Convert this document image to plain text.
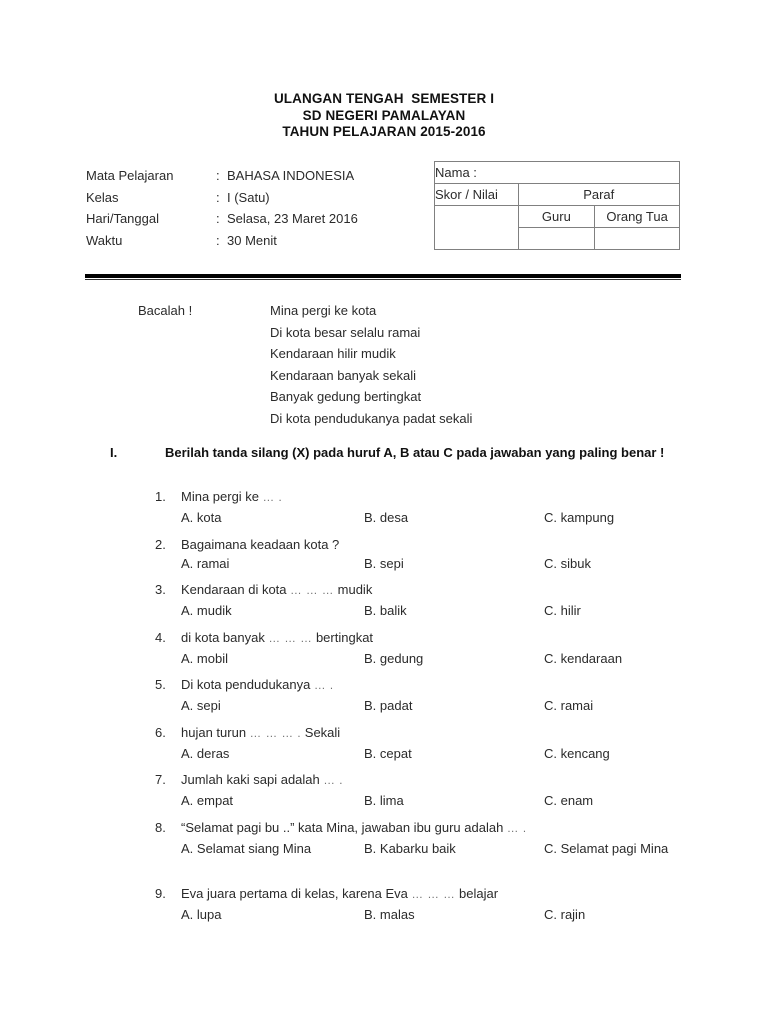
ULANGAN TENGAH  SEMESTER I
SD NEGERI PAMALAYAN
TAHUN PELAJARAN 2015-2016
Mata Pelajaran	: BAHASA INDONESIA
Kelas	: I (Satu)
Hari/Tanggal	: Selasa, 23 Maret 2016
Waktu	: 30 Menit
Nama :		
Skor / Nilai	Paraf	
	Guru	Orang Tua

Bacalah !	Mina pergi ke kota
Di kota besar selalu ramai
Kendaraan hilir mudik
Kendaraan banyak sekali
Banyak gedung bertingkat
Di kota pendudukanya padat sekali
I.	Berilah tanda silang (X) pada huruf A, B atau C pada jawaban yang paling benar !
1.	Mina pergi ke … .
A. kota	B. desa	C. kampung
2.	Bagaimana keadaan kota ?
A. ramai	B. sepi	C. sibuk
3.	Kendaraan di kota … … … mudik
A. mudik	B. balik	C. hilir
4.	di kota banyak … … … bertingkat
A. mobil	B. gedung	C. kendaraan
5.	Di kota pendudukanya … .
A. sepi	B. padat	C. ramai
6.	hujan turun … … … . Sekali
A. deras	B. cepat	C. kencang
7.	Jumlah kaki sapi adalah … .
A. empat	B. lima	C. enam
8.	“Selamat pagi bu ..” kata Mina, jawaban ibu guru adalah … .
A. Selamat siang Mina	B. Kabarku baik	C. Selamat pagi Mina
9.	Eva juara pertama di kelas, karena Eva … … … belajar
A. lupa	B. malas	C. rajin
